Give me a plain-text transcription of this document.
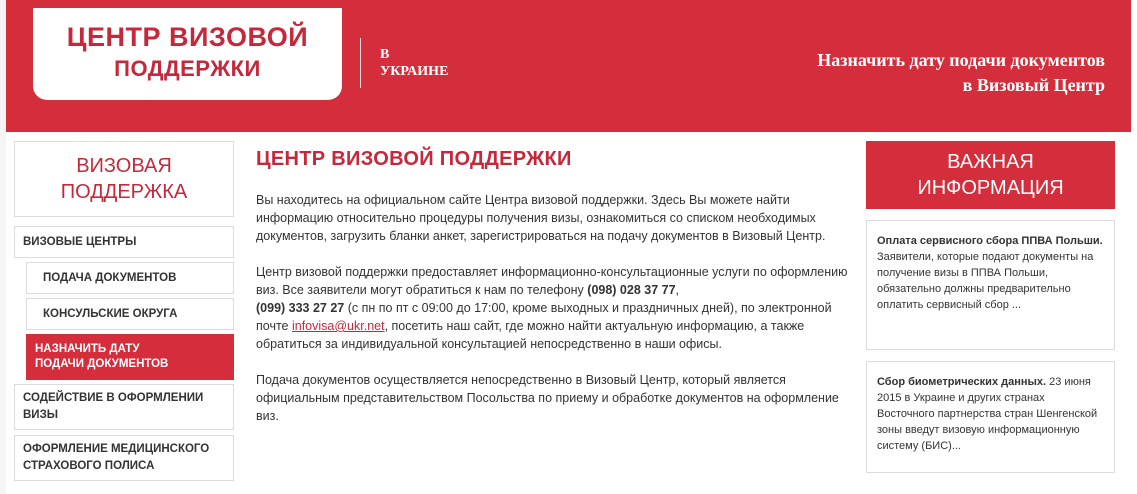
ЦЕНТР ВИЗОВОЙ
ПОДДЕРЖКИ
В
УКРАИНЕ
Назначить дату подачи документов
в Визовый Центр
ВИЗОВАЯ
ПОДДЕРЖКА
ВИЗОВЫЕ ЦЕНТРЫ
ПОДАЧА ДОКУМЕНТОВ
КОНСУЛЬСКИЕ ОКРУГА
НАЗНАЧИТЬ ДАТУ
ПОДАЧИ ДОКУМЕНТОВ
СОДЕЙСТВИЕ В ОФОРМЛЕНИИ
ВИЗЫ
ОФОРМЛЕНИЕ МЕДИЦИНСКОГО
СТРАХОВОГО ПОЛИСА
ЦЕНТР ВИЗОВОЙ ПОДДЕРЖКИ

Вы находитесь на официальном сайте Центра визовой поддержки. Здесь Вы можете найти информацию относительно процедуры получения визы, ознакомиться со списком необходимых документов, загрузить бланки анкет, зарегистрироваться на подачу документов в Визовый Центр.

Центр визовой поддержки предоставляет информационно-консультационные услуги по оформлению виз. Все заявители могут обратиться к нам по телефону (098) 028 37 77,
(099) 333 27 27 (с пн по пт с 09:00 до 17:00, кроме выходных и праздничных дней), по электронной почте infovisa@ukr.net, посетить наш сайт, где можно найти актуальную информацию, а также обратиться за индивидуальной консультацией непосредственно в наши офисы.

Подача документов осуществляется непосредственно в Визовый Центр, который является официальным представительством Посольства по приему и обработке документов на оформление виз.

ВАЖНАЯ
ИНФОРМАЦИЯ
Оплата сервисного сбора ППВА Польши. Заявители, которые подают документы на получение визы в ППВА Польши, обязательно должны предварительно оплатить сервисный сбор ...
Сбор биометрических данных. 23 июня 2015 в Украине и других странах Восточного партнерства стран Шенгенской зоны введут визовую информационную систему (БИС)...
